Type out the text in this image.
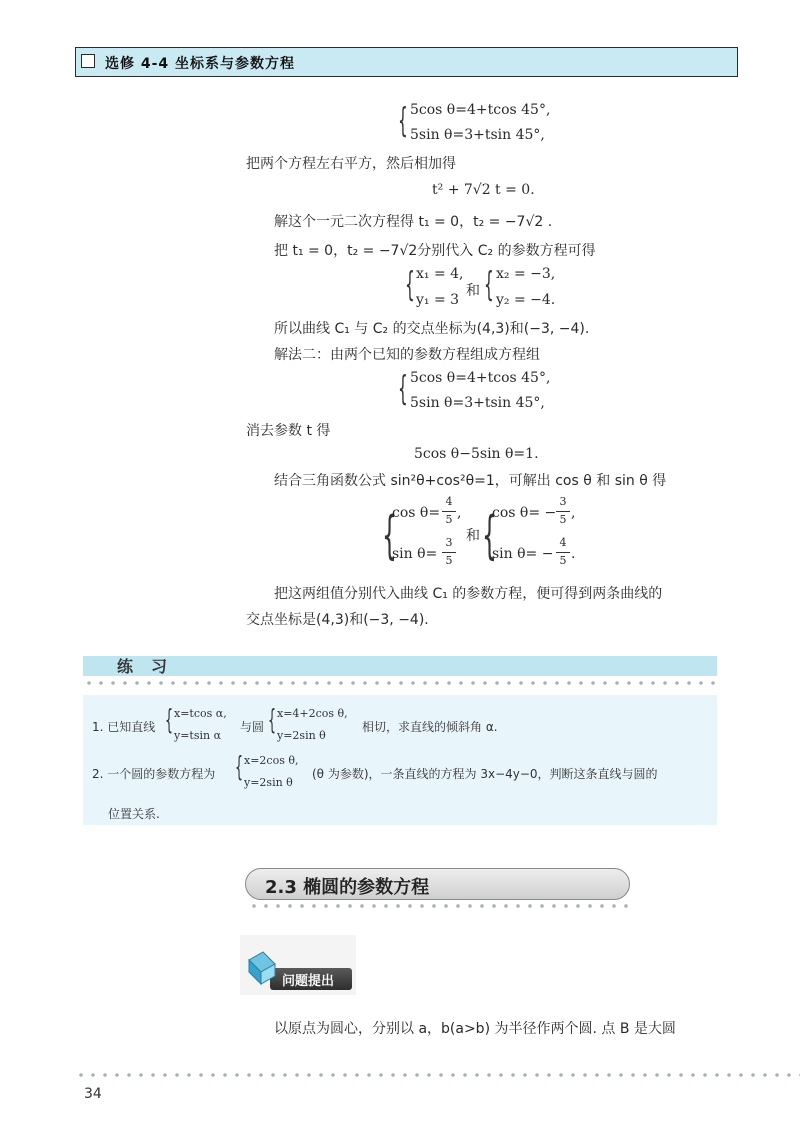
选修 4-4 坐标系与参数方程
{ 5cos θ=4+tcos 45°,
5sin θ=3+tsin 45°,
把两个方程左右平方，然后相加得
t² + 7√2 t = 0.
解这个一元二次方程得 t₁ = 0，t₂ = −7√2 .
把 t₁ = 0，t₂ = −7√2分别代入 C₂ 的参数方程可得
{ x₁ = 4,
y₁ = 3
和 { x₂ = −3,
y₂ = −4.
所以曲线 C₁ 与 C₂ 的交点坐标为(4,3)和(−3, −4).
解法二：由两个已知的参数方程组成方程组
{ 5cos θ=4+tcos 45°,
5sin θ=3+tsin 45°,
消去参数 t 得
5cos θ−5sin θ=1.
结合三角函数公式 sin²θ+cos²θ=1，可解出 cos θ 和 sin θ 得
{
cos θ=
4
5 ,
sin θ=
3
5
和 {
cos θ= −
3
5 ,
sin θ= −
4
5 .
把这两组值分别代入曲线 C₁ 的参数方程，便可得到两条曲线的
交点坐标是(4,3)和(−3, −4).
练习
1. 已知直线 { x=tcos α,
y=tsin α
与圆 { x=4+2cos θ,
y=2sin θ
相切，求直线的倾斜角 α.
2. 一个圆的参数方程为 { x=2cos θ,
y=2sin θ
(θ 为参数)，一条直线的方程为 3x−4y−0，判断这条直线与圆的
位置关系.
2.3 椭圆的参数方程
问题提出
以原点为圆心，分别以 a，b(a>b) 为半径作两个圆. 点 B 是大圆
34
